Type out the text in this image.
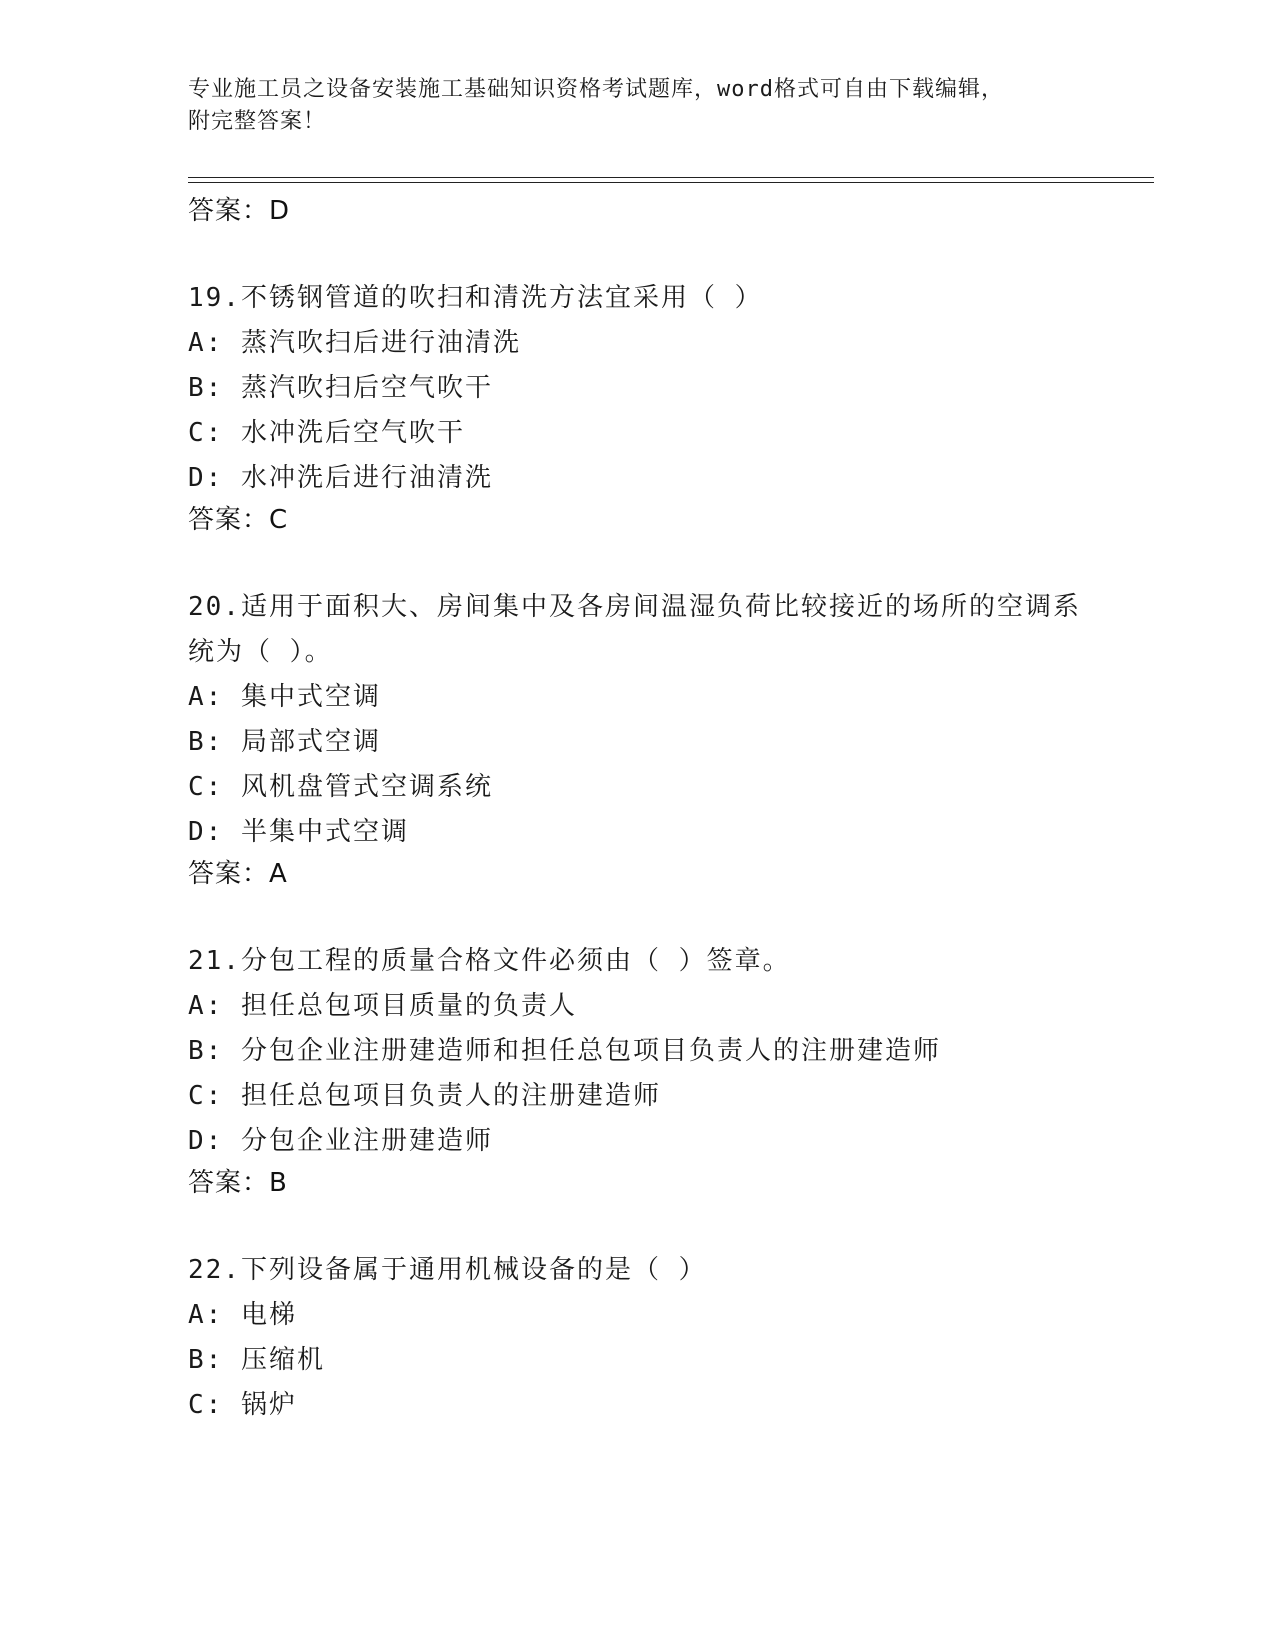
专业施工员之设备安装施工基础知识资格考试题库，word格式可自由下载编辑，
附完整答案！

答案：D

19.不锈钢管道的吹扫和清洗方法宜采用（ ）

A: 蒸汽吹扫后进行油清洗

B: 蒸汽吹扫后空气吹干

C: 水冲洗后空气吹干

D: 水冲洗后进行油清洗

答案：C

20.适用于面积大、房间集中及各房间温湿负荷比较接近的场所的空调系统为（ ）。

A: 集中式空调

B: 局部式空调

C: 风机盘管式空调系统

D: 半集中式空调

答案：A

21.分包工程的质量合格文件必须由（ ）签章。

A: 担任总包项目质量的负责人

B: 分包企业注册建造师和担任总包项目负责人的注册建造师

C: 担任总包项目负责人的注册建造师

D: 分包企业注册建造师

答案：B

22.下列设备属于通用机械设备的是（ ）

A: 电梯

B: 压缩机

C: 锅炉
